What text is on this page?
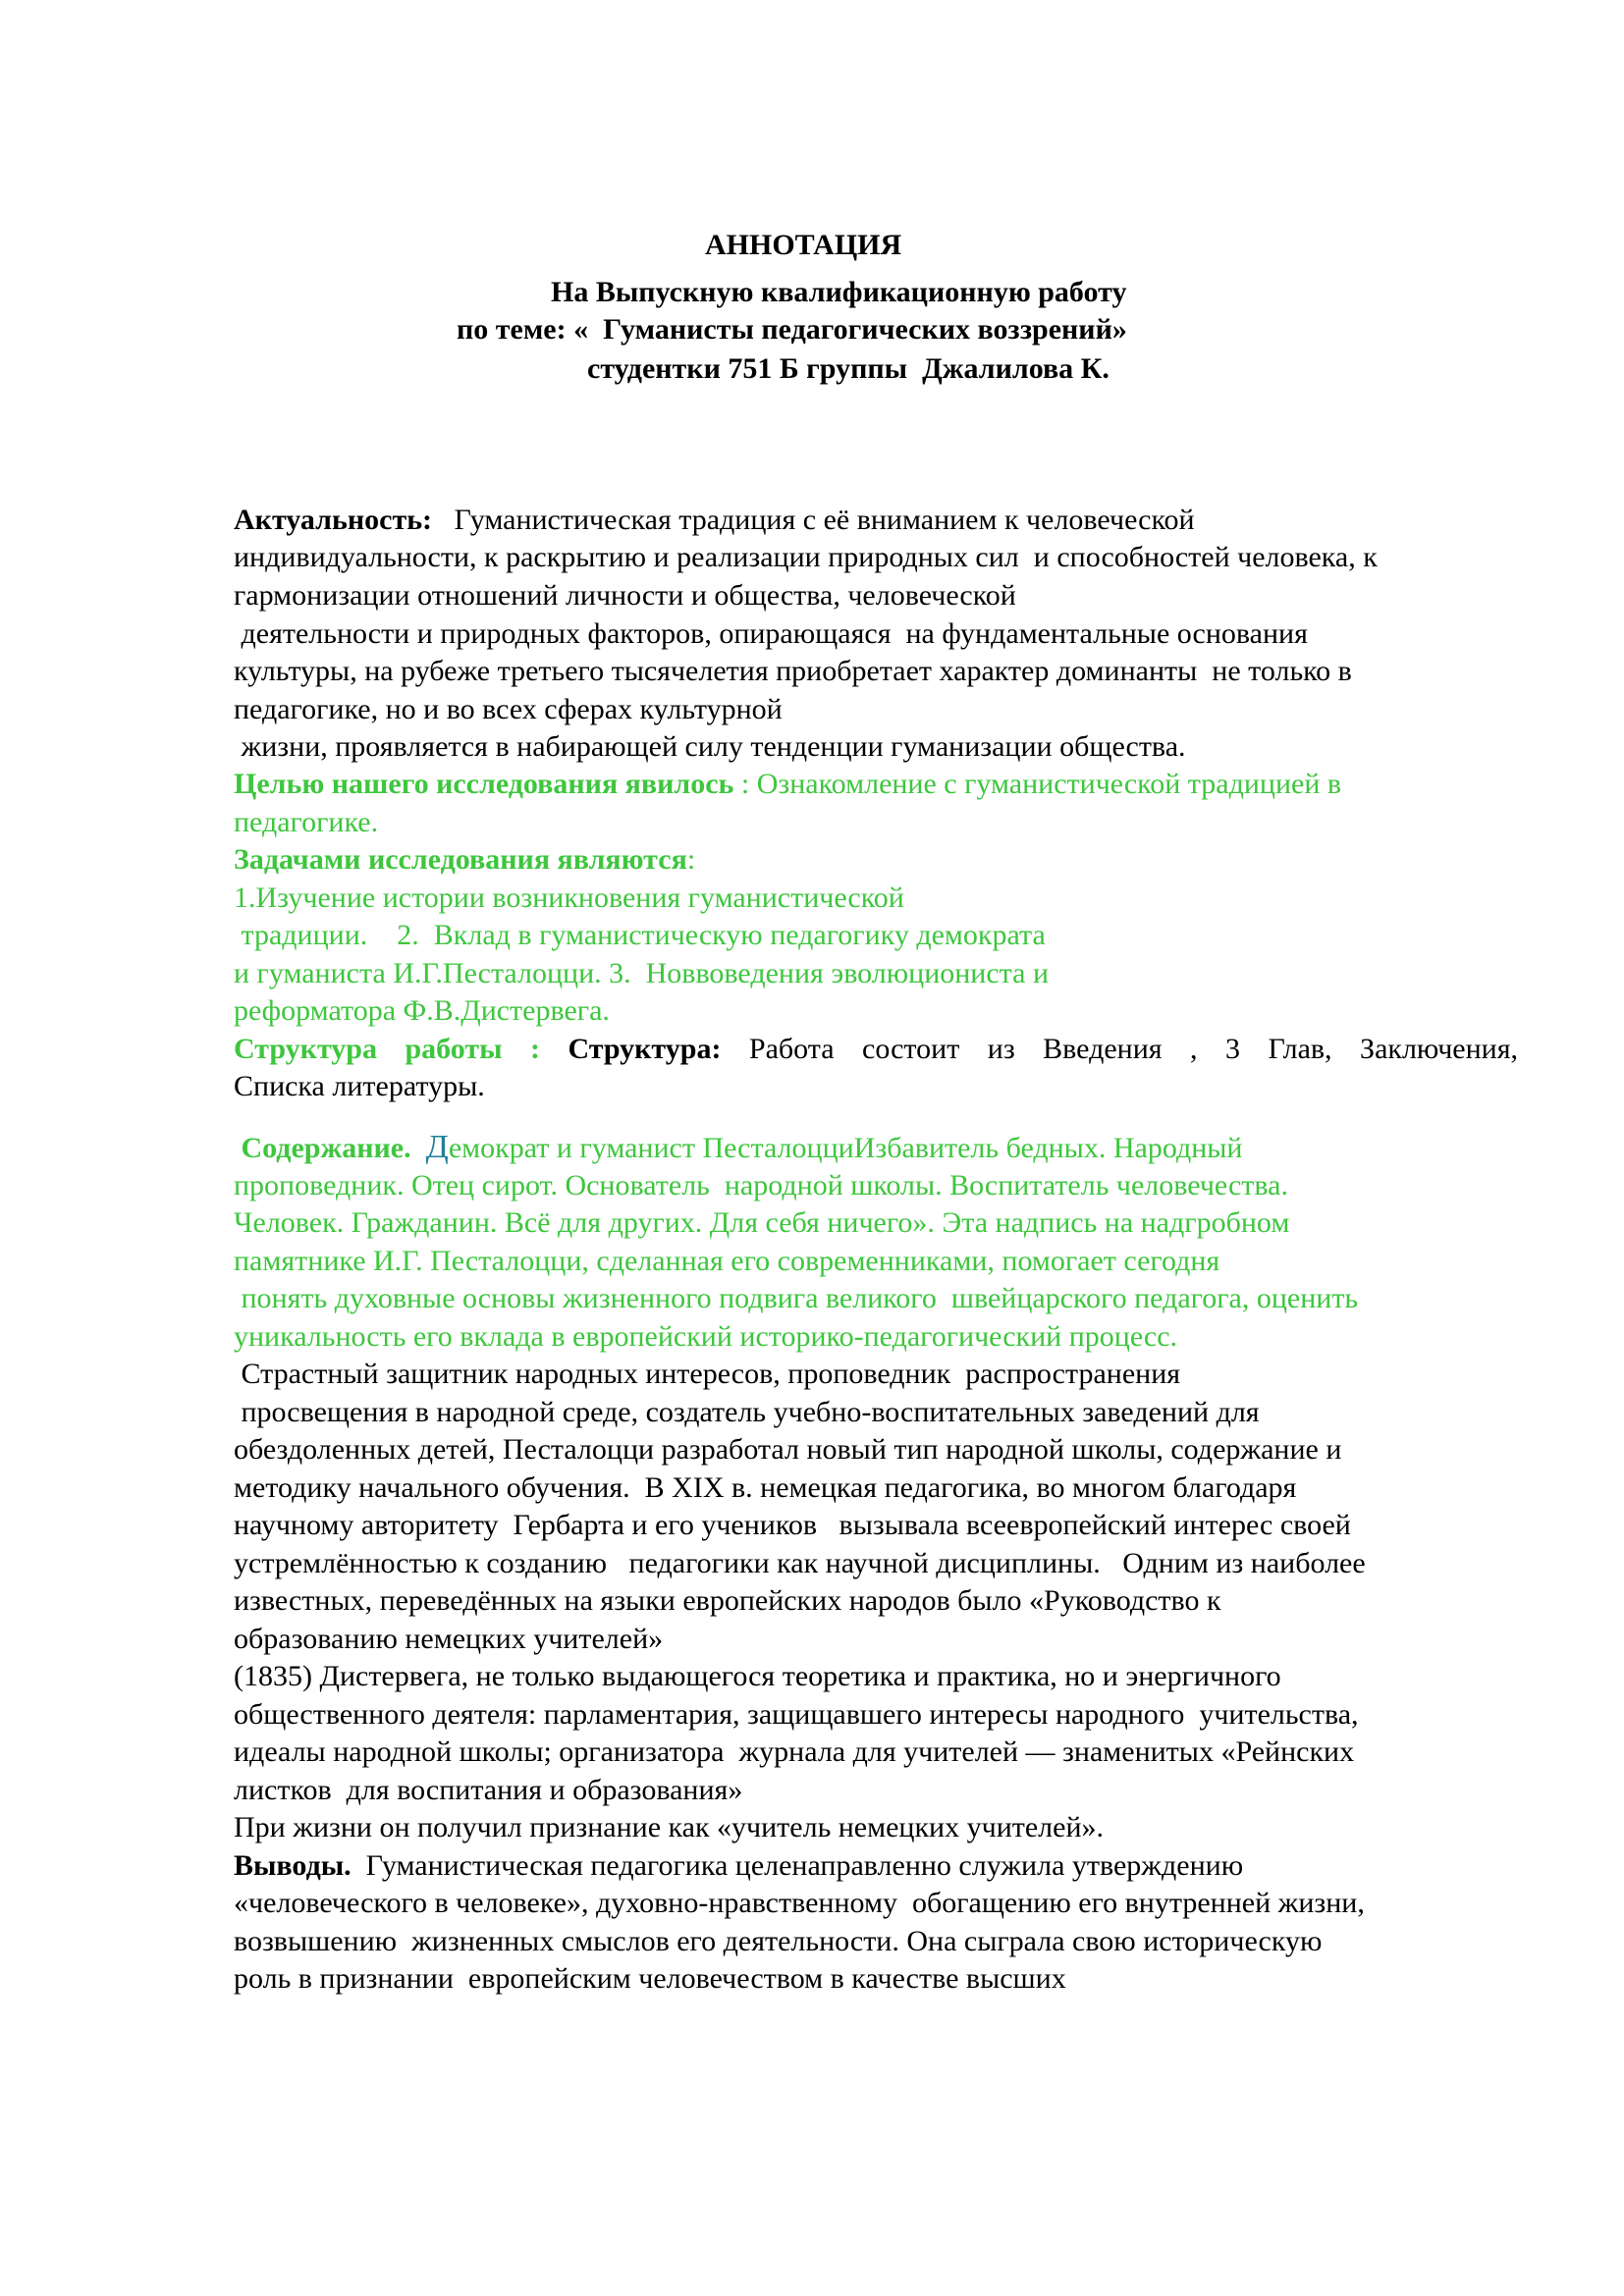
АННОТАЦИЯ
На Выпускную квалификационную работу
по теме: «  Гуманисты педагогических воззрений»
студентки 751 Б группы  Джалилова К.
Актуальность:   Гуманистическая традиция с её вниманием к человеческой
индивидуальности, к раскрытию и реализации природных сил  и способностей человека, к
гармонизации отношений личности и общества, человеческой
деятельности и природных факторов, опирающаяся  на фундаментальные основания
культуры, на рубеже третьего тысячелетия приобретает характер доминанты  не только в
педагогике, но и во всех сферах культурной
жизни, проявляется в набирающей силу тенденции гуманизации общества.
Целью нашего исследования явилось : Ознакомление с гуманистической традицией в
педагогике.
Задачами исследования являются:
1.Изучение истории возникновения гуманистической
традиции.    2.  Вклад в гуманистическую педагогику демократа
и гуманиста И.Г.Песталоцци. 3.  Новвоведения эволюциониста и
реформатора Ф.В.Дистервега.
Структура работы : Структура: Работа состоит из Введения , 3 Глав, Заключения,
Списка литературы.
Содержание. Демократ и гуманист ПесталоцциИзбавитель бедных. Народный
проповедник. Отец сирот. Основатель  народной школы. Воспитатель человечества.
Человек. Гражданин. Всё для других. Для себя ничего». Эта надпись на надгробном
памятнике И.Г. Песталоцци, сделанная его современниками, помогает сегодня
понять духовные основы жизненного подвига великого  швейцарского педагога, оценить
уникальность его вклада в европейский историко-педагогический процесс.
Страстный защитник народных интересов, проповедник  распространения
просвещения в народной среде, создатель учебно-воспитательных заведений для
обездоленных детей, Песталоцци разработал новый тип народной школы, содержание и
методику начального обучения.  В XIX в. немецкая педагогика, во многом благодаря
научному авторитету  Гербарта и его учеников   вызывала всеевропейский интерес своей
устремлённостью к созданию   педагогики как научной дисциплины.   Одним из наиболее
известных, переведённых на языки европейских народов было «Руководство к
образованию немецких учителей»
(1835) Дистервега, не только выдающегося теоретика и практика, но и энергичного
общественного деятеля: парламентария, защищавшего интересы народного  учительства,
идеалы народной школы; организатора  журнала для учителей — знаменитых «Рейнских
листков  для воспитания и образования»
При жизни он получил признание как «учитель немецких учителей».
Выводы.  Гуманистическая педагогика целенаправленно служила утверждению
«человеческого в человеке», духовно-нравственному  обогащению его внутренней жизни,
возвышению  жизненных смыслов его деятельности. Она сыграла свою историческую
роль в признании  европейским человечеством в качестве высших
